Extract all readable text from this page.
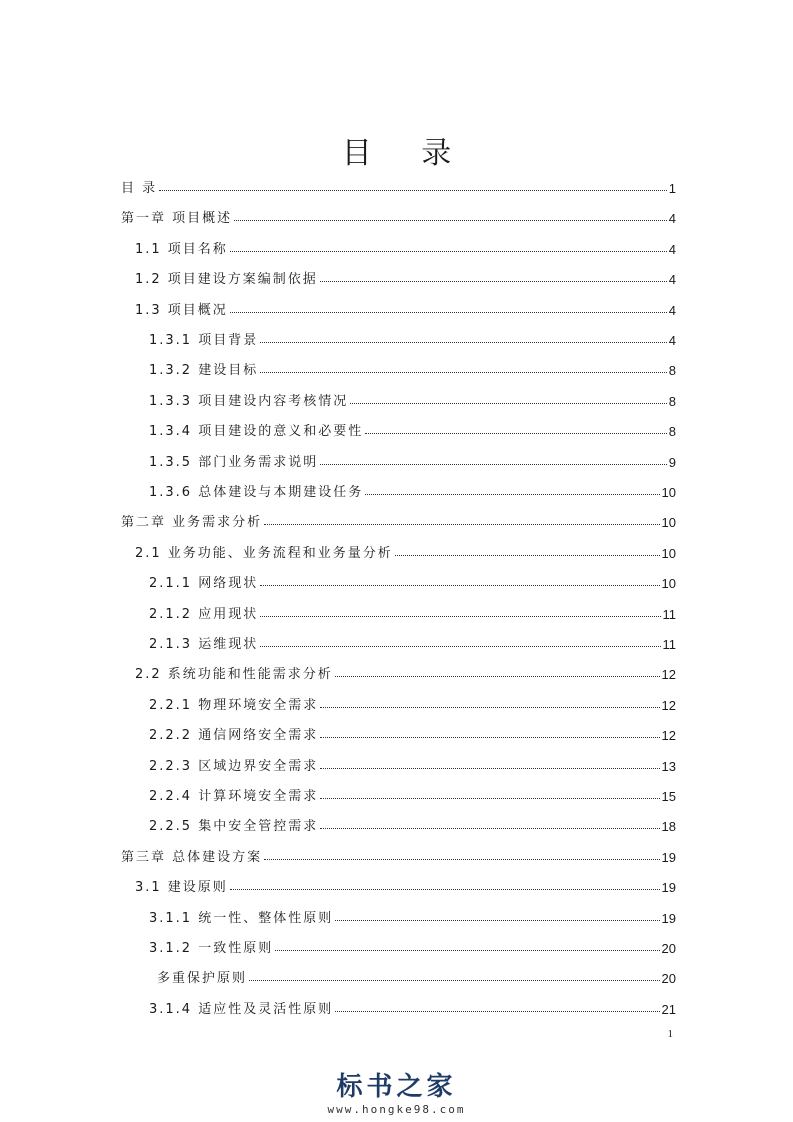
目 录
目 录	1
第一章 项目概述	4
1.1 项目名称	4
1.2 项目建设方案编制依据	4
1.3 项目概况	4
1.3.1 项目背景	4
1.3.2 建设目标	8
1.3.3 项目建设内容考核情况	8
1.3.4 项目建设的意义和必要性	8
1.3.5 部门业务需求说明	9
1.3.6 总体建设与本期建设任务	10
第二章 业务需求分析	10
2.1 业务功能、业务流程和业务量分析	10
2.1.1 网络现状	10
2.1.2 应用现状	11
2.1.3 运维现状	11
2.2 系统功能和性能需求分析	12
2.2.1 物理环境安全需求	12
2.2.2 通信网络安全需求	12
2.2.3 区域边界安全需求	13
2.2.4 计算环境安全需求	15
2.2.5 集中安全管控需求	18
第三章 总体建设方案	19
3.1 建设原则	19
3.1.1 统一性、整体性原则	19
3.1.2 一致性原则	20
多重保护原则	20
3.1.4 适应性及灵活性原则	21
1
标书之家
www.hongke98.com
